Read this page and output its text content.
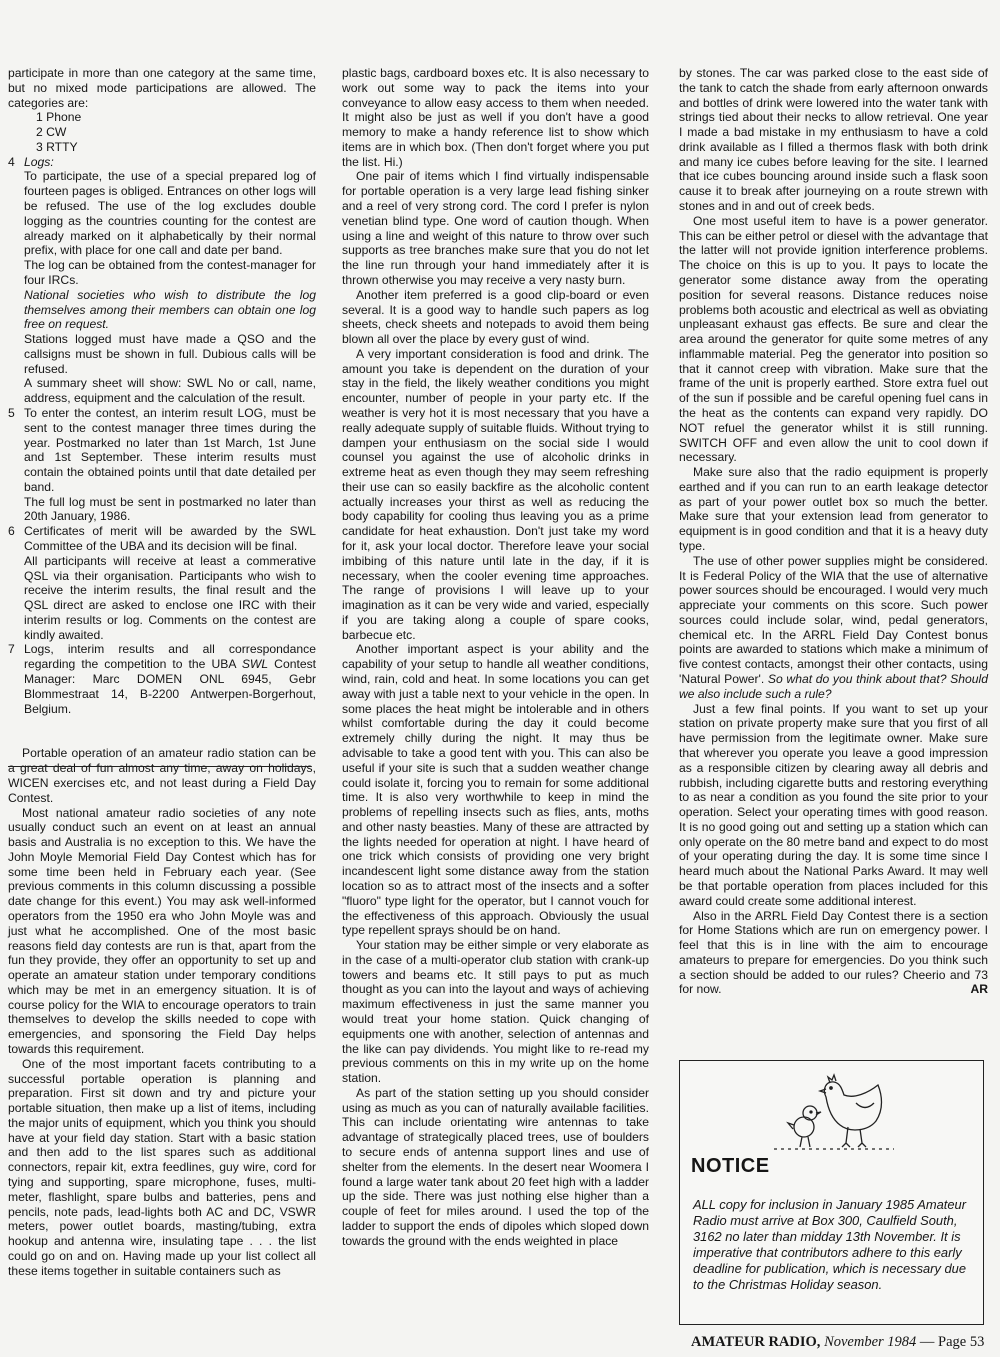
participate in more than one category at the same time, but no mixed mode participations are allowed. The categories are:

1 Phone
2 CW
3 RTTY
4 Logs:

To participate, the use of a special prepared log of fourteen pages is obliged. Entrances on other logs will be refused. The use of the log excludes double logging as the countries counting for the contest are already marked on it alphabetically by their normal prefix, with place for one call and date per band.

The log can be obtained from the contest-manager for four IRCs.

National societies who wish to distribute the log themselves among their members can obtain one log free on request.

Stations logged must have made a QSO and the callsigns must be shown in full. Dubious calls will be refused.

A summary sheet will show: SWL No or call, name, address, equipment and the calculation of the result.

5 To enter the contest, an interim result LOG, must be sent to the contest manager three times during the year. Postmarked no later than 1st March, 1st June and 1st September. These interim results must contain the obtained points until that date detailed per band.

The full log must be sent in postmarked no later than 20th January, 1986.

6 Certificates of merit will be awarded by the SWL Committee of the UBA and its decision will be final.

All participants will receive at least a commerative QSL via their organisation. Participants who wish to receive the interim results, the final result and the QSL direct are asked to enclose one IRC with their interim results or log. Comments on the contest are kindly awaited.

7 Logs, interim results and all correspondance regarding the competition to the UBA SWL Contest Manager: Marc DOMEN ONL 6945, Gebr Blommestraat 14, B-2200 Antwerpen-Borgerhout, Belgium.

Portable operation of an amateur radio station can be a great deal of fun almost any time, away on holidays, WICEN exercises etc, and not least during a Field Day Contest.

Most national amateur radio societies of any note usually conduct such an event on at least an annual basis and Australia is no exception to this. We have the John Moyle Memorial Field Day Contest which has for some time been held in February each year. (See previous comments in this column discussing a possible date change for this event.) You may ask well-informed operators from the 1950 era who John Moyle was and just what he accomplished. One of the most basic reasons field day contests are run is that, apart from the fun they provide, they offer an opportunity to set up and operate an amateur station under temporary conditions which may be met in an emergency situation. It is of course policy for the WIA to encourage operators to train themselves to develop the skills needed to cope with emergencies, and sponsoring the Field Day helps towards this requirement.

One of the most important facets contributing to a successful portable operation is planning and preparation. First sit down and try and picture your portable situation, then make up a list of items, including the major units of equipment, which you think you should have at your field day station. Start with a basic station and then add to the list spares such as additional connectors, repair kit, extra feedlines, guy wire, cord for tying and supporting, spare microphone, fuses, multi-meter, flashlight, spare bulbs and batteries, pens and pencils, note pads, lead-lights both AC and DC, VSWR meters, power outlet boards, masting/tubing, extra hookup and antenna wire, insulating tape . . . the list could go on and on. Having made up your list collect all these items together in suitable containers such as

plastic bags, cardboard boxes etc. It is also necessary to work out some way to pack the items into your conveyance to allow easy access to them when needed. It might also be just as well if you don't have a good memory to make a handy reference list to show which items are in which box. (Then don't forget where you put the list. Hi.)

One pair of items which I find virtually indispensable for portable operation is a very large lead fishing sinker and a reel of very strong cord. The cord I prefer is nylon venetian blind type. One word of caution though. When using a line and weight of this nature to throw over such supports as tree branches make sure that you do not let the line run through your hand immediately after it is thrown otherwise you may receive a very nasty burn.

Another item preferred is a good clip-board or even several. It is a good way to handle such papers as log sheets, check sheets and notepads to avoid them being blown all over the place by every gust of wind.

A very important consideration is food and drink. The amount you take is dependent on the duration of your stay in the field, the likely weather conditions you might encounter, number of people in your party etc. If the weather is very hot it is most necessary that you have a really adequate supply of suitable fluids. Without trying to dampen your enthusiasm on the social side I would counsel you against the use of alcoholic drinks in extreme heat as even though they may seem refreshing their use can so easily backfire as the alcoholic content actually increases your thirst as well as reducing the body capability for cooling thus leaving you as a prime candidate for heat exhaustion. Don't just take my word for it, ask your local doctor. Therefore leave your social imbibing of this nature until late in the day, if it is necessary, when the cooler evening time approaches. The range of provisions I will leave up to your imagination as it can be very wide and varied, especially if you are taking along a couple of spare cooks, barbecue etc.

Another important aspect is your ability and the capability of your setup to handle all weather conditions, wind, rain, cold and heat. In some locations you can get away with just a table next to your vehicle in the open. In some places the heat might be intolerable and in others whilst comfortable during the day it could become extremely chilly during the night. It may thus be advisable to take a good tent with you. This can also be useful if your site is such that a sudden weather change could isolate it, forcing you to remain for some additional time. It is also very worthwhile to keep in mind the problems of repelling insects such as flies, ants, moths and other nasty beasties. Many of these are attracted by the lights needed for operation at night. I have heard of one trick which consists of providing one very bright incandescent light some distance away from the station location so as to attract most of the insects and a softer "fluoro" type light for the operator, but I cannot vouch for the effectiveness of this approach. Obviously the usual type repellent sprays should be on hand.

Your station may be either simple or very elaborate as in the case of a multi-operator club station with crank-up towers and beams etc. It still pays to put as much thought as you can into the layout and ways of achieving maximum effectiveness in just the same manner you would treat your home station. Quick changing of equipments one with another, selection of antennas and the like can pay dividends. You might like to re-read my previous comments on this in my write up on the home station.

As part of the station setting up you should consider using as much as you can of naturally available facilities. This can include orientating wire antennas to take advantage of strategically placed trees, use of boulders to secure ends of antenna support lines and use of shelter from the elements. In the desert near Woomera I found a large water tank about 20 feet high with a ladder up the side. There was just nothing else higher than a couple of feet for miles around. I used the top of the ladder to support the ends of dipoles which sloped down towards the ground with the ends weighted in place

by stones. The car was parked close to the east side of the tank to catch the shade from early afternoon onwards and bottles of drink were lowered into the water tank with strings tied about their necks to allow retrieval. One year I made a bad mistake in my enthusiasm to have a cold drink available as I filled a thermos flask with both drink and many ice cubes before leaving for the site. I learned that ice cubes bouncing around inside such a flask soon cause it to break after journeying on a route strewn with stones and in and out of creek beds.

One most useful item to have is a power generator. This can be either petrol or diesel with the advantage that the latter will not provide ignition interference problems. The choice on this is up to you. It pays to locate the generator some distance away from the operating position for several reasons. Distance reduces noise problems both acoustic and electrical as well as obviating unpleasant exhaust gas effects. Be sure and clear the area around the generator for quite some metres of any inflammable material. Peg the generator into position so that it cannot creep with vibration. Make sure that the frame of the unit is properly earthed. Store extra fuel out of the sun if possible and be careful opening fuel cans in the heat as the contents can expand very rapidly. DO NOT refuel the generator whilst it is still running. SWITCH OFF and even allow the unit to cool down if necessary.

Make sure also that the radio equipment is properly earthed and if you can run to an earth leakage detector as part of your power outlet box so much the better. Make sure that your extension lead from generator to equipment is in good condition and that it is a heavy duty type.

The use of other power supplies might be considered. It is Federal Policy of the WIA that the use of alternative power sources should be encouraged. I would very much appreciate your comments on this score. Such power sources could include solar, wind, pedal generators, chemical etc. In the ARRL Field Day Contest bonus points are awarded to stations which make a minimum of five contest contacts, amongst their other contacts, using 'Natural Power'. So what do you think about that? Should we also include such a rule?

Just a few final points. If you want to set up your station on private property make sure that you first of all have permission from the legitimate owner. Make sure that wherever you operate you leave a good impression as a responsible citizen by clearing away all debris and rubbish, including cigarette butts and restoring everything to as near a condition as you found the site prior to your operation. Select your operating times with good reason. It is no good going out and setting up a station which can only operate on the 80 metre band and expect to do most of your operating during the day. It is some time since I heard much about the National Parks Award. It may well be that portable operation from places included for this award could create some additional interest.

Also in the ARRL Field Day Contest there is a section for Home Stations which are run on emergency power. I feel that this is in line with the aim to encourage amateurs to prepare for emergencies. Do you think such a section should be added to our rules? Cheerio and 73 for now.	AR

NOTICE
ALL copy for inclusion in January 1985 Amateur Radio must arrive at Box 300, Caulfield South, 3162 no later than midday 13th November. It is imperative that contributors adhere to this early deadline for publication, which is necessary due to the Christmas Holiday season.
AMATEUR RADIO, November 1984 — Page 53
